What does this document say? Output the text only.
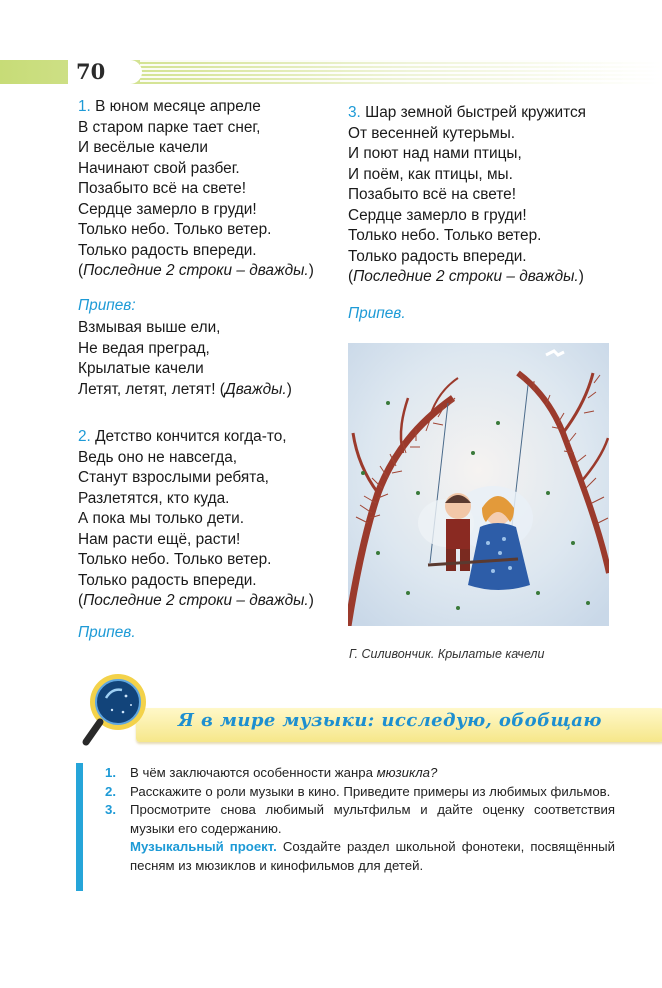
70
1. В юном месяце апреле
В старом парке тает снег,
И весёлые качели
Начинают свой разбег.
Позабыто всё на свете!
Сердце замерло в груди!
Только небо. Только ветер.
Только радость впереди.
(Последние 2 строки – дважды.)
Припев:
Взмывая выше ели,
Не ведая преград,
Крылатые качели
Летят, летят, летят! (Дважды.)
2. Детство кончится когда-то,
Ведь оно не навсегда,
Станут взрослыми ребята,
Разлетятся, кто куда.
А пока мы только дети.
Нам расти ещё, расти!
Только небо. Только ветер.
Только радость впереди.
(Последние 2 строки – дважды.)
Припев.
3. Шар земной быстрей кружится
От весенней кутерьмы.
И поют над нами птицы,
И поём, как птицы, мы.
Позабыто всё на свете!
Сердце замерло в груди!
Только небо. Только ветер.
Только радость впереди.
(Последние 2 строки – дважды.)
Припев.
Г. Силивончик. Крылатые качели
Я в мире музыки: исследую, обобщаю
1. В чём заключаются особенности жанра мюзикла?
2. Расскажите о роли музыки в кино. Приведите примеры из любимых фильмов.
3. Просмотрите снова любимый мультфильм и дайте оценку соответствия музыки его содержанию.
Музыкальный проект. Создайте раздел школьной фонотеки, посвящённый песням из мюзиклов и кинофильмов для детей.
